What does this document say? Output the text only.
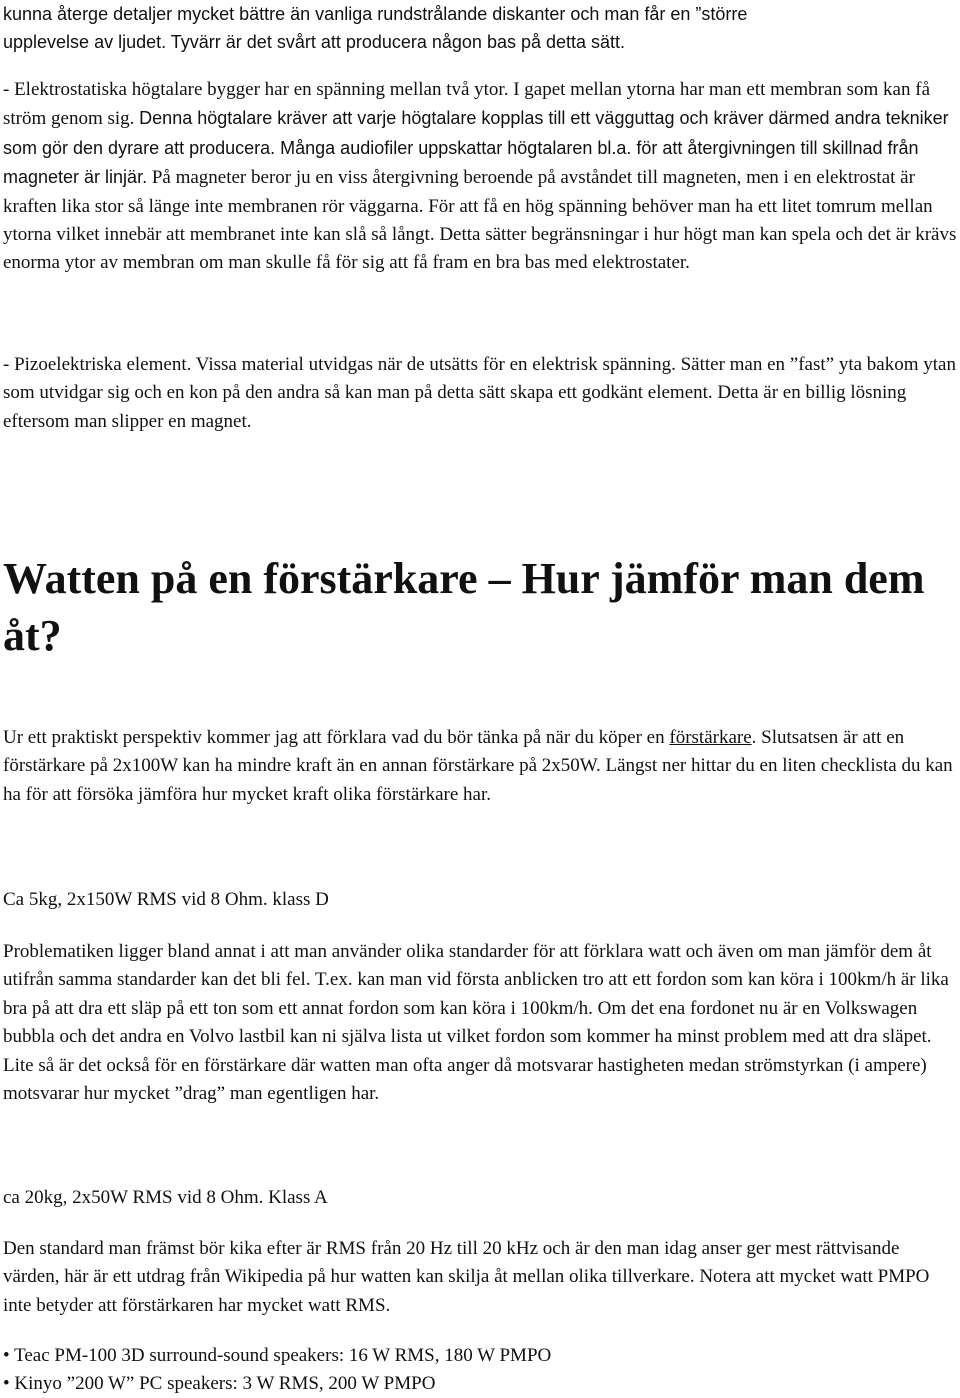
kunna återge detaljer mycket bättre än vanliga rundstrålande diskanter och man får en ”större

upplevelse av ljudet. Tyvärr är det svårt att producera någon bas på detta sätt.

- Elektrostatiska högtalare bygger har en spänning mellan två ytor. I gapet mellan ytorna har man ett membran som kan få ström genom sig. Denna högtalare kräver att varje högtalare kopplas till ett vägguttag och kräver därmed andra tekniker som gör den dyrare att producera. Många audiofiler uppskattar högtalaren bl.a. för att återgivningen till skillnad från magneter är linjär. På magneter beror ju en viss återgivning beroende på avståndet till magneten, men i en elektrostat är kraften lika stor så länge inte membranen rör väggarna. För att få en hög spänning behöver man ha ett litet tomrum mellan ytorna vilket innebär att membranet inte kan slå så långt. Detta sätter begränsningar i hur högt man kan spela och det är krävs enorma ytor av membran om man skulle få för sig att få fram en bra bas med elektrostater.

- Pizoelektriska element. Vissa material utvidgas när de utsätts för en elektrisk spänning. Sätter man en ”fast” yta bakom ytan som utvidgar sig och en kon på den andra så kan man på detta sätt skapa ett godkänt element. Detta är en billig lösning eftersom man slipper en magnet.

Watten på en förstärkare – Hur jämför man dem åt?

Ur ett praktiskt perspektiv kommer jag att förklara vad du bör tänka på när du köper en förstärkare. Slutsatsen är att en förstärkare på 2x100W kan ha mindre kraft än en annan förstärkare på 2x50W. Längst ner hittar du en liten checklista du kan ha för att försöka jämföra hur mycket kraft olika förstärkare har.

Ca 5kg, 2x150W RMS vid 8 Ohm. klass D

Problematiken ligger bland annat i att man använder olika standarder för att förklara watt och även om man jämför dem åt utifrån samma standarder kan det bli fel. T.ex. kan man vid första anblicken tro att ett fordon som kan köra i 100km/h är lika bra på att dra ett släp på ett ton som ett annat fordon som kan köra i 100km/h. Om det ena fordonet nu är en Volkswagen bubbla och det andra en Volvo lastbil kan ni själva lista ut vilket fordon som kommer ha minst problem med att dra släpet. Lite så är det också för en förstärkare där watten man ofta anger då motsvarar hastigheten medan strömstyrkan (i ampere) motsvarar hur mycket ”drag” man egentligen har.

ca 20kg, 2x50W RMS vid 8 Ohm. Klass A

Den standard man främst bör kika efter är RMS från 20 Hz till 20 kHz och är den man idag anser ger mest rättvisande värden, här är ett utdrag från Wikipedia på hur watten kan skilja åt mellan olika tillverkare. Notera att mycket watt PMPO inte betyder att förstärkaren har mycket watt RMS.

• Teac PM-100 3D surround-sound speakers: 16 W RMS, 180 W PMPO
• Kinyo ”200 W” PC speakers: 3 W RMS, 200 W PMPO
